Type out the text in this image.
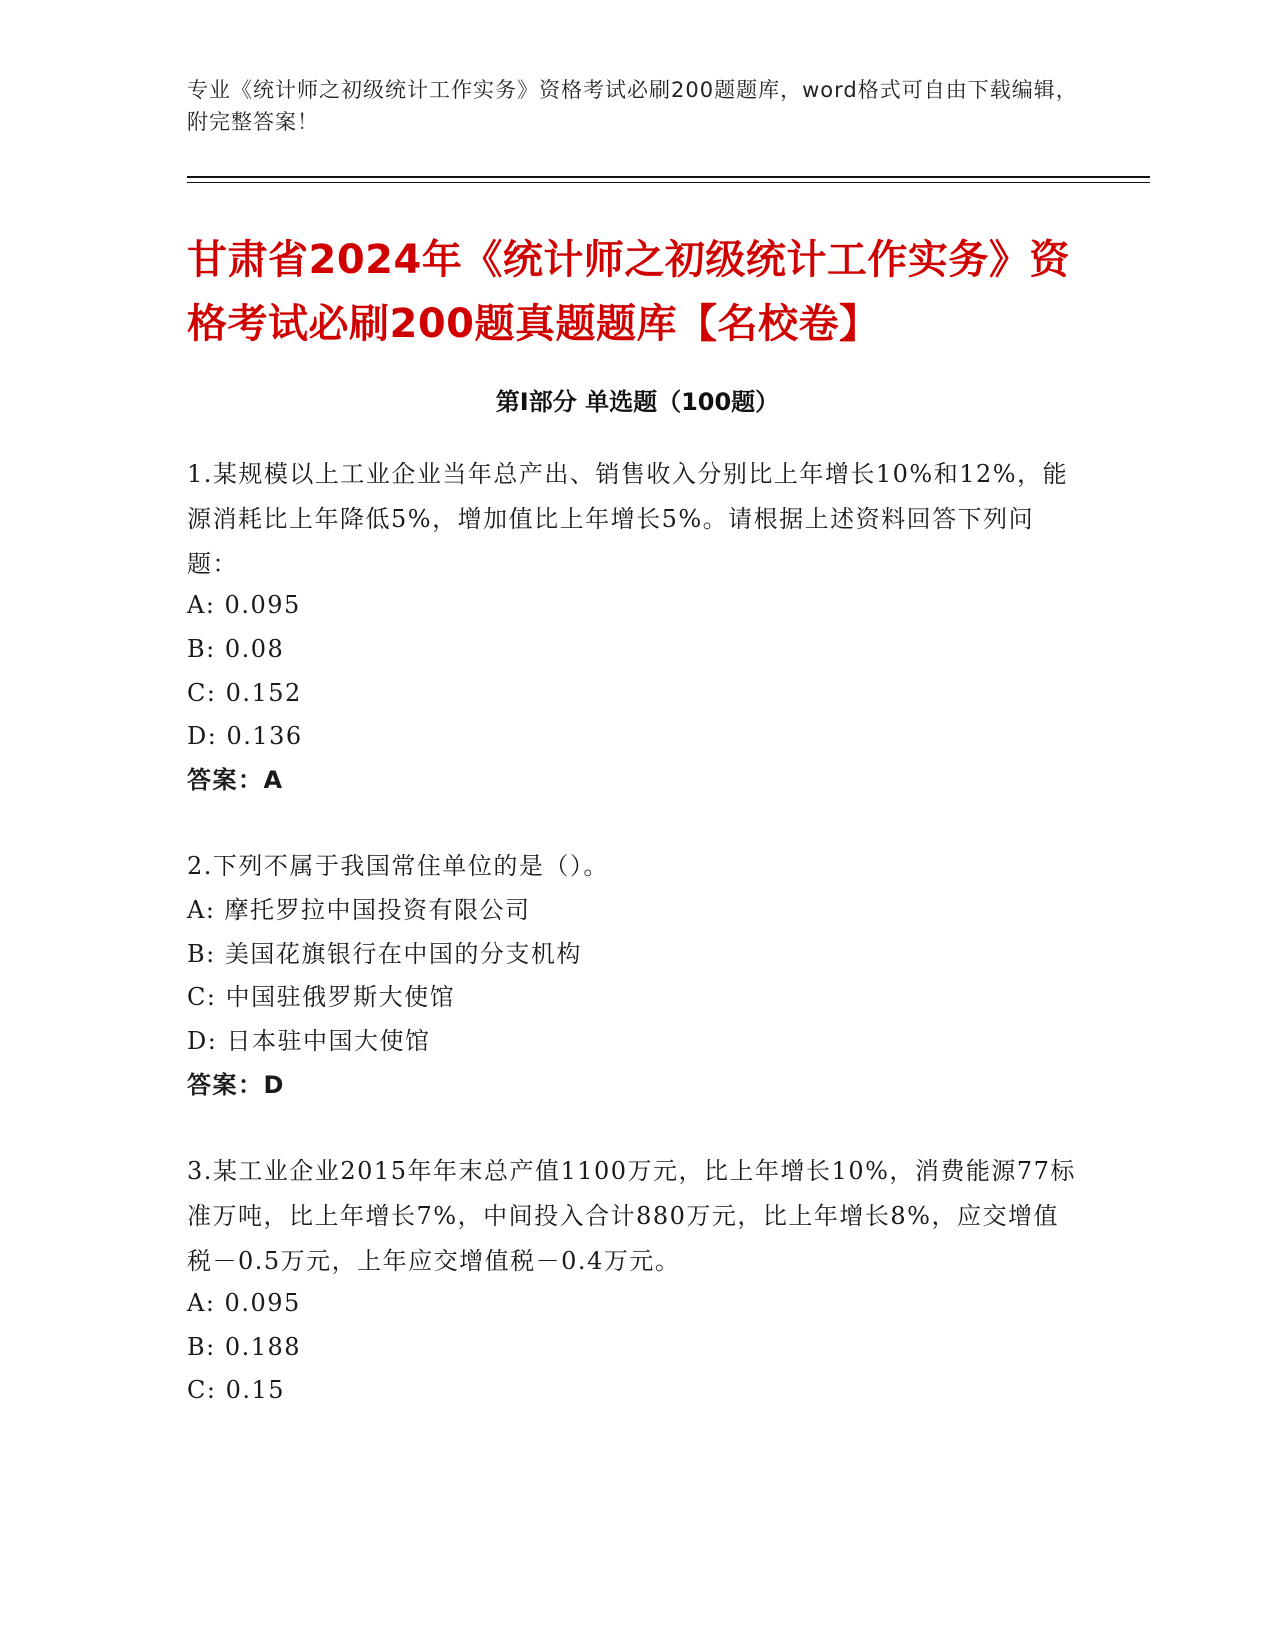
专业《统计师之初级统计工作实务》资格考试必刷200题题库，word格式可自由下载编辑，附完整答案！
甘肃省2024年《统计师之初级统计工作实务》资格考试必刷200题真题题库【名校卷】
第I部分 单选题（100题）
1.某规模以上工业企业当年总产出、销售收入分别比上年增长10%和12%，能源消耗比上年降低5%，增加值比上年增长5%。请根据上述资料回答下列问题：
A: 0.095
B: 0.08
C: 0.152
D: 0.136
答案：A
2.下列不属于我国常住单位的是（）。
A: 摩托罗拉中国投资有限公司
B: 美国花旗银行在中国的分支机构
C: 中国驻俄罗斯大使馆
D: 日本驻中国大使馆
答案：D
3.某工业企业2015年年末总产值1100万元，比上年增长10%，消费能源77标准万吨，比上年增长7%，中间投入合计880万元，比上年增长8%，应交增值税－0.5万元，上年应交增值税－0.4万元。
A: 0.095
B: 0.188
C: 0.15
